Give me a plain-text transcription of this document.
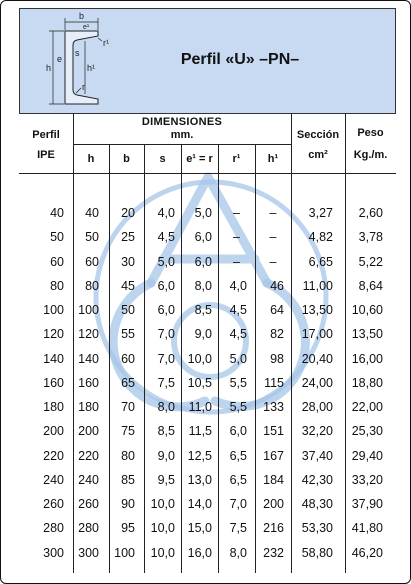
b
e¹
r¹
s
e
h	h¹
r
Perfil «U» –PN–
Perfil
IPE
DIMENSIONES
mm.
h	b	s	e¹ = r	r¹	h¹
Sección
cm²
Peso
Kg./m.
40	40	20	4,0	5,0	–	–	3,27	2,60
50	50	25	4,5	6,0	–	–	4,82	3,78
60	60	30	5,0	6,0	–	–	6,65	5,22
80	80	45	6,0	8,0	4,0	46	11,00	8,64
100	100	50	6,0	8,5	4,5	64	13,50	10,60
120	120	55	7,0	9,0	4,5	82	17,00	13,50
140	140	60	7,0	10,0	5,0	98	20,40	16,00
160	160	65	7,5	10,5	5,5	115	24,00	18,80
180	180	70	8,0	11,0	5,5	133	28,00	22,00
200	200	75	8,5	11,5	6,0	151	32,20	25,30
220	220	80	9,0	12,5	6,5	167	37,40	29,40
240	240	85	9,5	13,0	6,5	184	42,30	33,20
260	260	90	10,0	14,0	7,0	200	48,30	37,90
280	280	95	10,0	15,0	7,5	216	53,30	41,80
300	300	100	10,0	16,0	8,0	232	58,80	46,20
